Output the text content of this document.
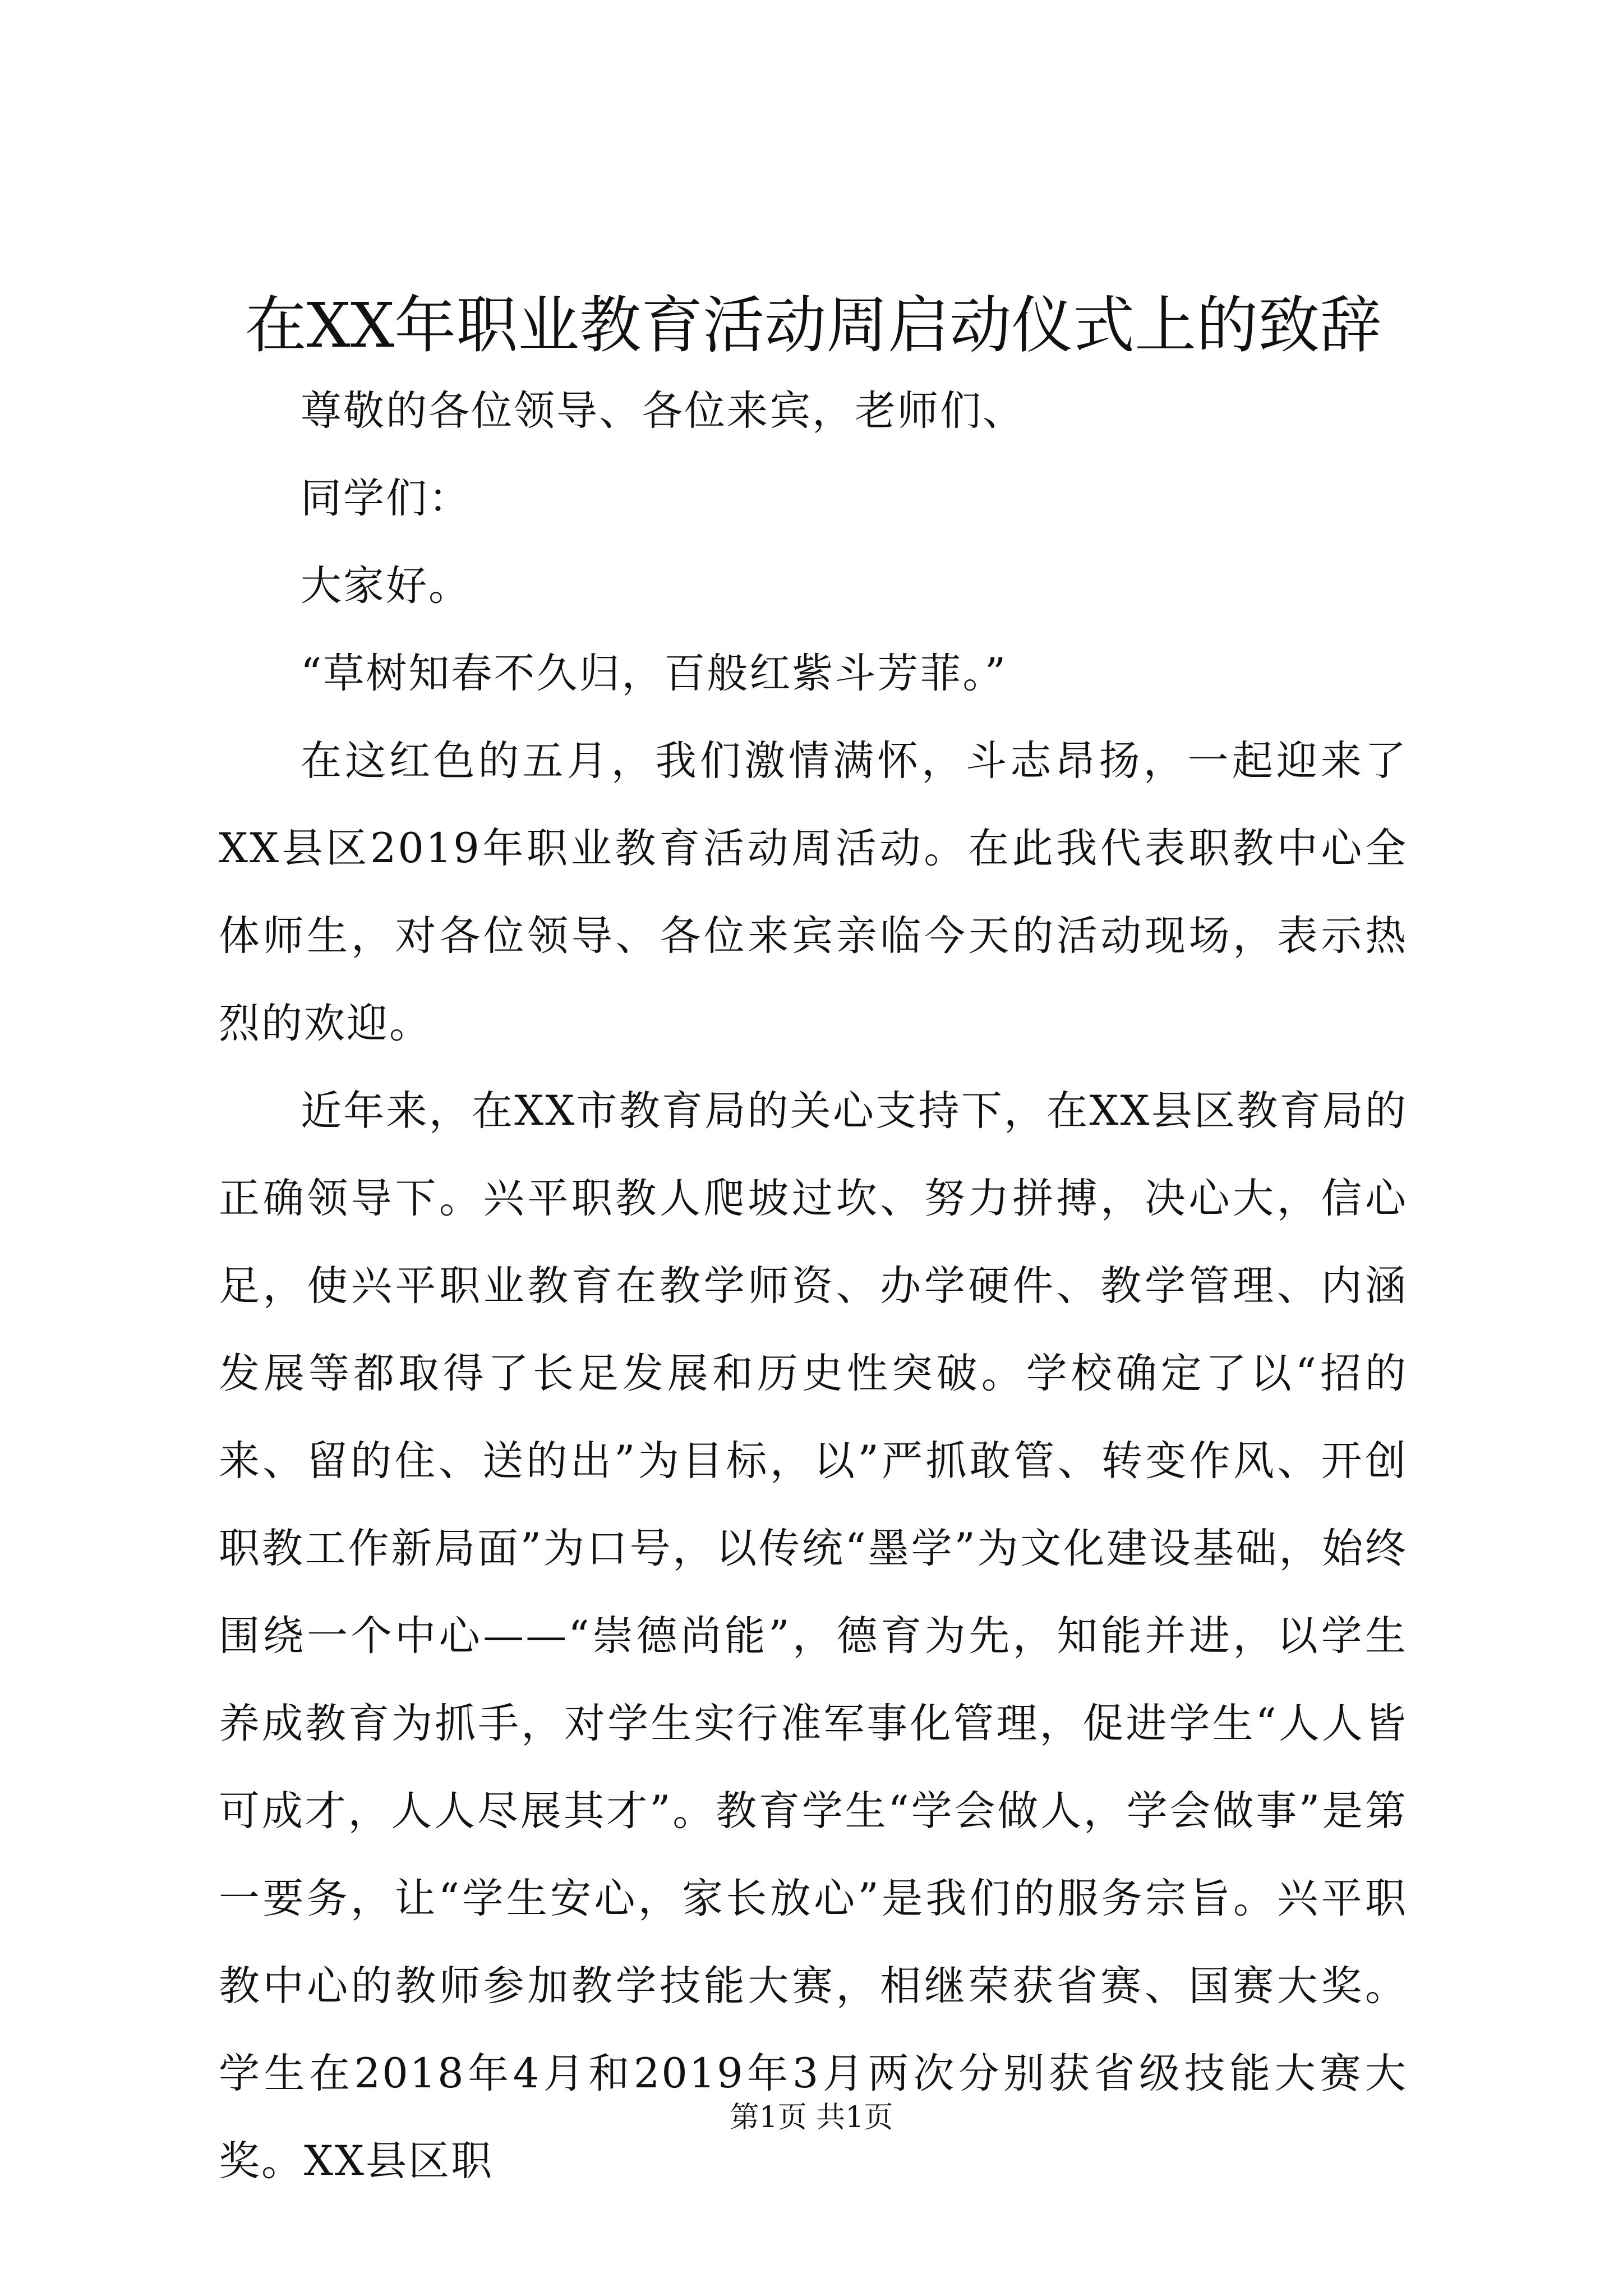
在XX年职业教育活动周启动仪式上的致辞

尊敬的各位领导、各位来宾，老师们、

同学们：

大家好。

“草树知春不久归，百般红紫斗芳菲。”

在这红色的五月，我们激情满怀，斗志昂扬，一起迎来了XX县区2019年职业教育活动周活动。在此我代表职教中心全体师生，对各位领导、各位来宾亲临今天的活动现场，表示热烈的欢迎。

近年来，在XX市教育局的关心支持下，在XX县区教育局的正确领导下。兴平职教人爬坡过坎、努力拼搏，决心大，信心足，使兴平职业教育在教学师资、办学硬件、教学管理、内涵发展等都取得了长足发展和历史性突破。学校确定了以“招的来、留的住、送的出”为目标，以”严抓敢管、转变作风、开创职教工作新局面”为口号，以传统“墨学”为文化建设基础，始终围绕一个中心——“崇德尚能”，德育为先，知能并进，以学生养成教育为抓手，对学生实行准军事化管理，促进学生“人人皆可成才，人人尽展其才”。教育学生“学会做人，学会做事”是第一要务，让“学生安心，家长放心”是我们的服务宗旨。兴平职教中心的教师参加教学技能大赛，相继荣获省赛、国赛大奖。学生在2018年4月和2019年3月两次分别获省级技能大赛大奖。XX县区职

第1页 共1页
